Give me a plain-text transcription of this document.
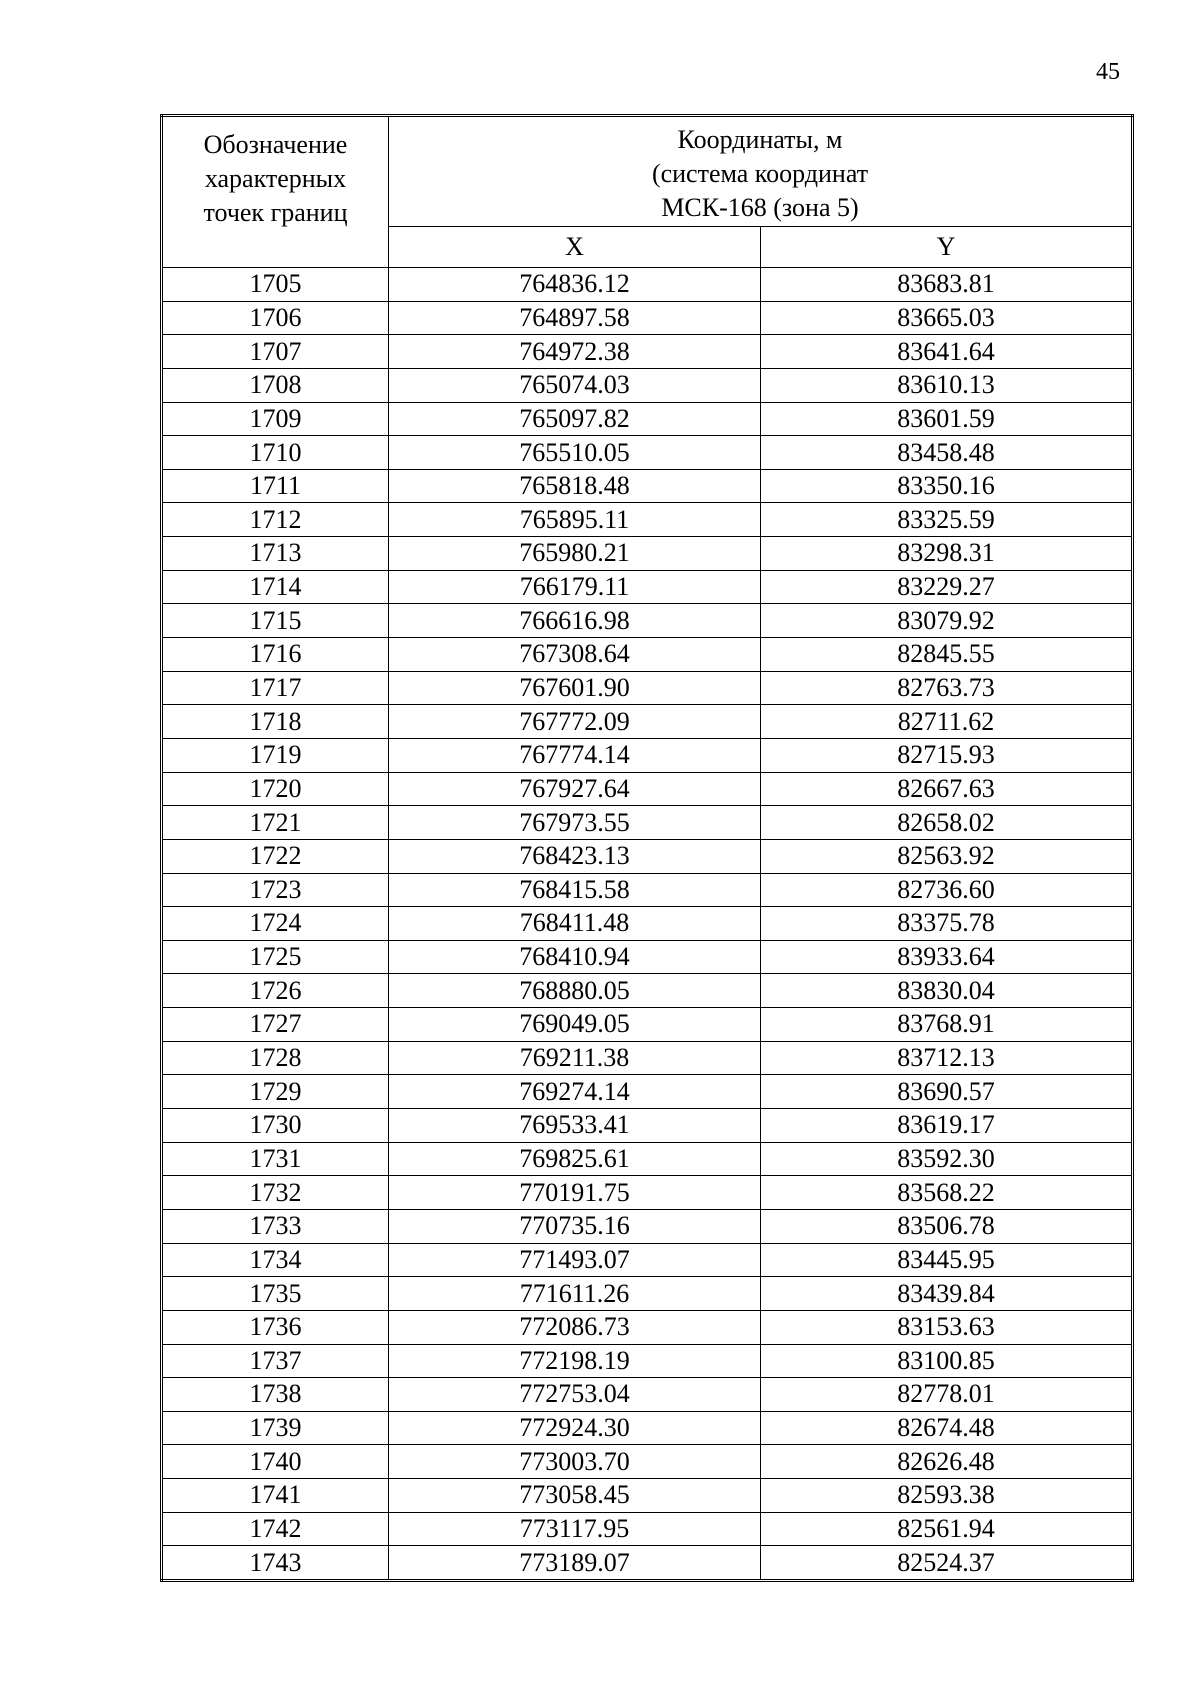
45
Обозначение
характерных
точек границ	Координаты, м
(система координат
МСК-168 (зона 5)	

	X	Y
1705	764836.12	83683.81
1706	764897.58	83665.03
1707	764972.38	83641.64
1708	765074.03	83610.13
1709	765097.82	83601.59
1710	765510.05	83458.48
1711	765818.48	83350.16
1712	765895.11	83325.59
1713	765980.21	83298.31
1714	766179.11	83229.27
1715	766616.98	83079.92
1716	767308.64	82845.55
1717	767601.90	82763.73
1718	767772.09	82711.62
1719	767774.14	82715.93
1720	767927.64	82667.63
1721	767973.55	82658.02
1722	768423.13	82563.92
1723	768415.58	82736.60
1724	768411.48	83375.78
1725	768410.94	83933.64
1726	768880.05	83830.04
1727	769049.05	83768.91
1728	769211.38	83712.13
1729	769274.14	83690.57
1730	769533.41	83619.17
1731	769825.61	83592.30
1732	770191.75	83568.22
1733	770735.16	83506.78
1734	771493.07	83445.95
1735	771611.26	83439.84
1736	772086.73	83153.63
1737	772198.19	83100.85
1738	772753.04	82778.01
1739	772924.30	82674.48
1740	773003.70	82626.48
1741	773058.45	82593.38
1742	773117.95	82561.94
1743	773189.07	82524.37
